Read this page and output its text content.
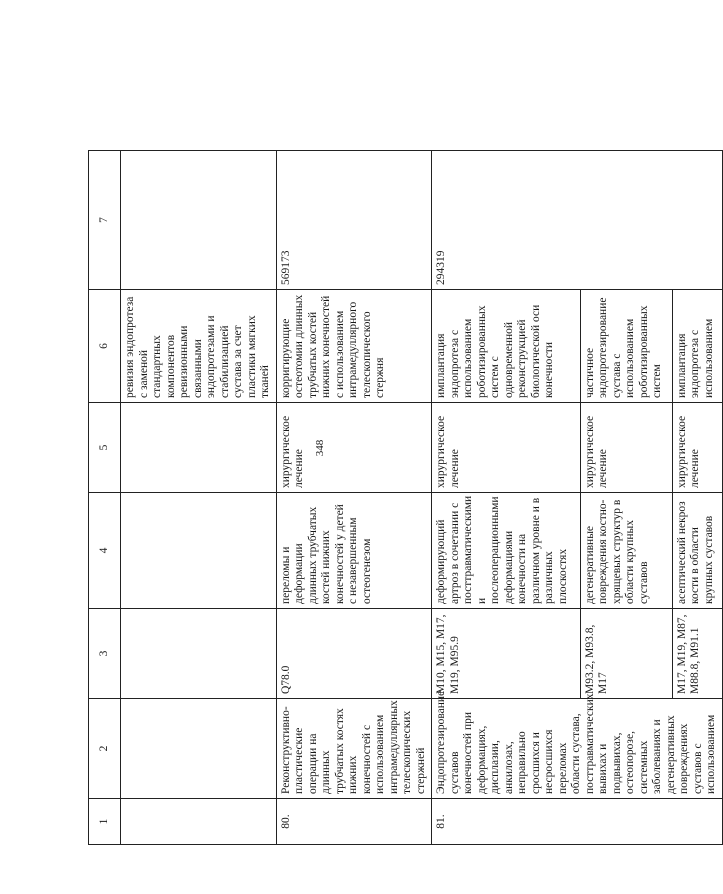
348
1	2	3	4	5	6	7
					ревизия эндопротеза с заменой стандартных компонентов ревизионными связанными эндопротезами и стабилизацией сустава за счет пластики мягких тканей	
80.	Реконструктивно-пластические операции на длинных трубчатых костях нижних конечностей с использованием интрамедуллярных телескопических стержней	Q78.0	переломы и деформации длинных трубчатых костей нижних конечностей у детей с незавершенным остеогенезом	хирургическое лечение	корригирующие остеотомии длинных трубчатых костей нижних конечностей с использованием интрамедуллярного телескопического стержня	569173
81.	Эндопротезирование суставов конечностей при деформациях, дисплазии, анкилозах, неправильно сросшихся и несросшихся переломах области сустава, посттравматических вывихах и подвывихах, остеопорозе, системных заболеваниях и дегенеративных повреждениях суставов с использованием	M10, M15, M17, M19, M95.9	деформирующий артроз в сочетании с посттравматическими и послеоперационными деформациями конечности на различном уровне и в различных плоскостях	хирургическое лечение	имплантация эндопротеза с использованием роботизированных систем с одновременной реконструкцией биологической оси конечности	294319
		M93.2, M93.8, M17	дегенеративные повреждения костно-хрящевых структур в области крупных суставов	хирургическое лечение	частичное эндопротезирование сустава с использованием роботизированных систем	
		M17, M19, M87, M88.8, M91.1	асептический некроз кости в области крупных суставов	хирургическое лечение	имплантация эндопротеза с использованием	
